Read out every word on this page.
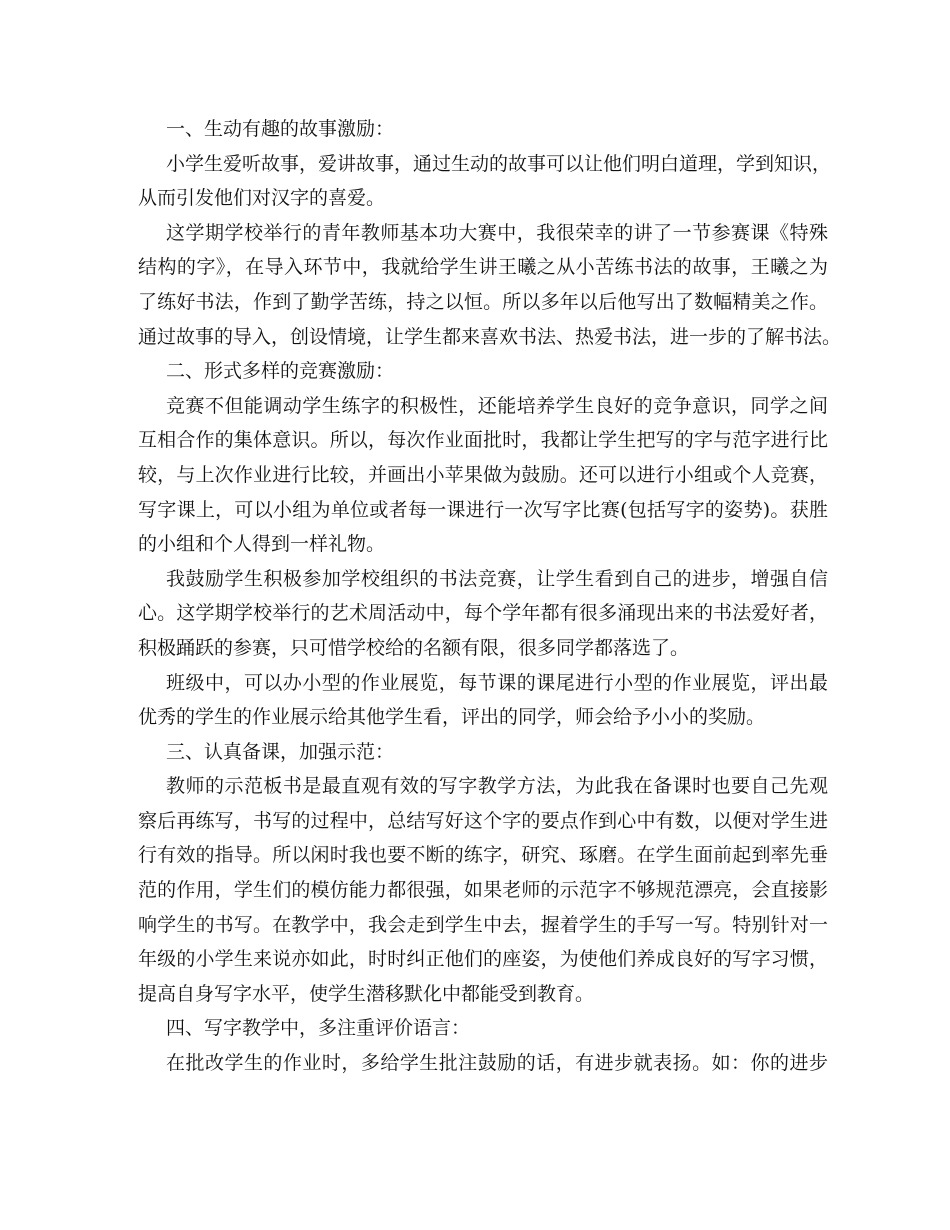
一、生动有趣的故事激励：

小学生爱听故事，爱讲故事，通过生动的故事可以让他们明白道理，学到知识，
从而引发他们对汉字的喜爱。
这学期学校举行的青年教师基本功大赛中，我很荣幸的讲了一节参赛课《特殊
结构的字》，在导入环节中，我就给学生讲王曦之从小苦练书法的故事，王曦之为
了练好书法，作到了勤学苦练，持之以恒。所以多年以后他写出了数幅精美之作。
通过故事的导入，创设情境，让学生都来喜欢书法、热爱书法，进一步的了解书法。

二、形式多样的竞赛激励：

竞赛不但能调动学生练字的积极性，还能培养学生良好的竞争意识，同学之间
互相合作的集体意识。所以，每次作业面批时，我都让学生把写的字与范字进行比
较，与上次作业进行比较，并画出小苹果做为鼓励。还可以进行小组或个人竞赛，
写字课上，可以小组为单位或者每一课进行一次写字比赛(包括写字的姿势)。获胜
的小组和个人得到一样礼物。
我鼓励学生积极参加学校组织的书法竞赛，让学生看到自己的进步，增强自信
心。这学期学校举行的艺术周活动中，每个学年都有很多涌现出来的书法爱好者，
积极踊跃的参赛，只可惜学校给的名额有限，很多同学都落选了。
班级中，可以办小型的作业展览，每节课的课尾进行小型的作业展览，评出最
优秀的学生的作业展示给其他学生看，评出的同学，师会给予小小的奖励。

三、认真备课，加强示范：

教师的示范板书是最直观有效的写字教学方法，为此我在备课时也要自己先观
察后再练写，书写的过程中，总结写好这个字的要点作到心中有数，以便对学生进
行有效的指导。所以闲时我也要不断的练字，研究、琢磨。在学生面前起到率先垂
范的作用，学生们的模仿能力都很强，如果老师的示范字不够规范漂亮，会直接影
响学生的书写。在教学中，我会走到学生中去，握着学生的手写一写。特别针对一
年级的小学生来说亦如此，时时纠正他们的座姿，为使他们养成良好的写字习惯，
提高自身写字水平，使学生潜移默化中都能受到教育。

四、写字教学中，多注重评价语言：

在批改学生的作业时，多给学生批注鼓励的话，有进步就表扬。如：你的进步
